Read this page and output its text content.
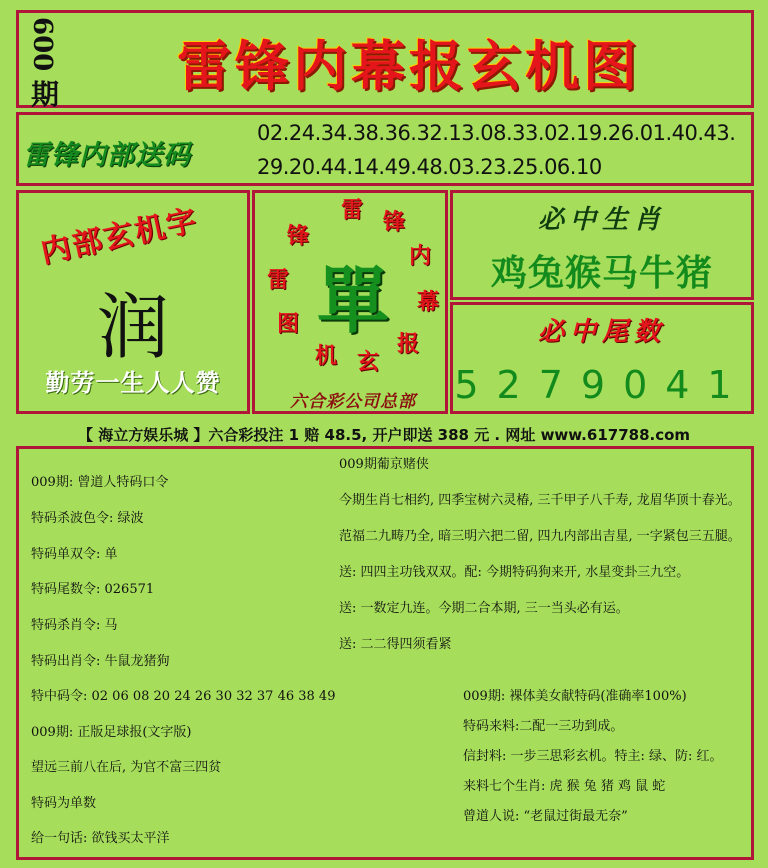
009
期	雷锋内幕报玄机图
雷锋内部送码
02.24.34.38.36.32.13.08.33.02.19.26.01.40.43.
29.20.44.14.49.48.03.23.25.06.10
内部玄机字
润
勤劳一生人人赞
雷 锋
内
幕
报
玄
机
图
雷
锋
單
六合彩公司总部
必中生肖
鸡兔猴马牛猪
必中尾数
5279041
【 海立方娱乐城 】六合彩投注 1 赔 48.5, 开户即送 388 元 . 网址 www.617788.com
009期: 曾道人特码口令
特码杀波色令: 绿波
特码单双令: 单
特码尾数令: 026571
特码杀肖令: 马
特码出肖令: 牛鼠龙猪狗
特中码令: 02 06 08 20 24 26 30 32 37 46 38 49
009期: 正版足球报(文字版)
望远三前八在后, 为官不富三四贫
特码为单数
给一句话: 欲钱买太平洋
009期葡京赌侠
今期生肖七相约, 四季宝树六灵椿, 三千甲子八千寿, 龙眉华顶十春光。
范福二九畴乃全, 暗三明六把二留, 四九内部出吉星, 一字紧包三五腿。
送: 四四主功钱双双。配: 今期特码狗来开, 水星变卦三九空。
送: 一数定九连。今期二合本期, 三一当头必有运。
送: 二二得四须看紧
009期: 裸体美女献特码(准确率100%)
特码来料:二配一三功到成。
信封料: 一步三思彩玄机。特主: 绿、防: 红。
来料七个生肖: 虎 猴 兔 猪 鸡 鼠 蛇
曾道人说: “老鼠过街最无奈”
